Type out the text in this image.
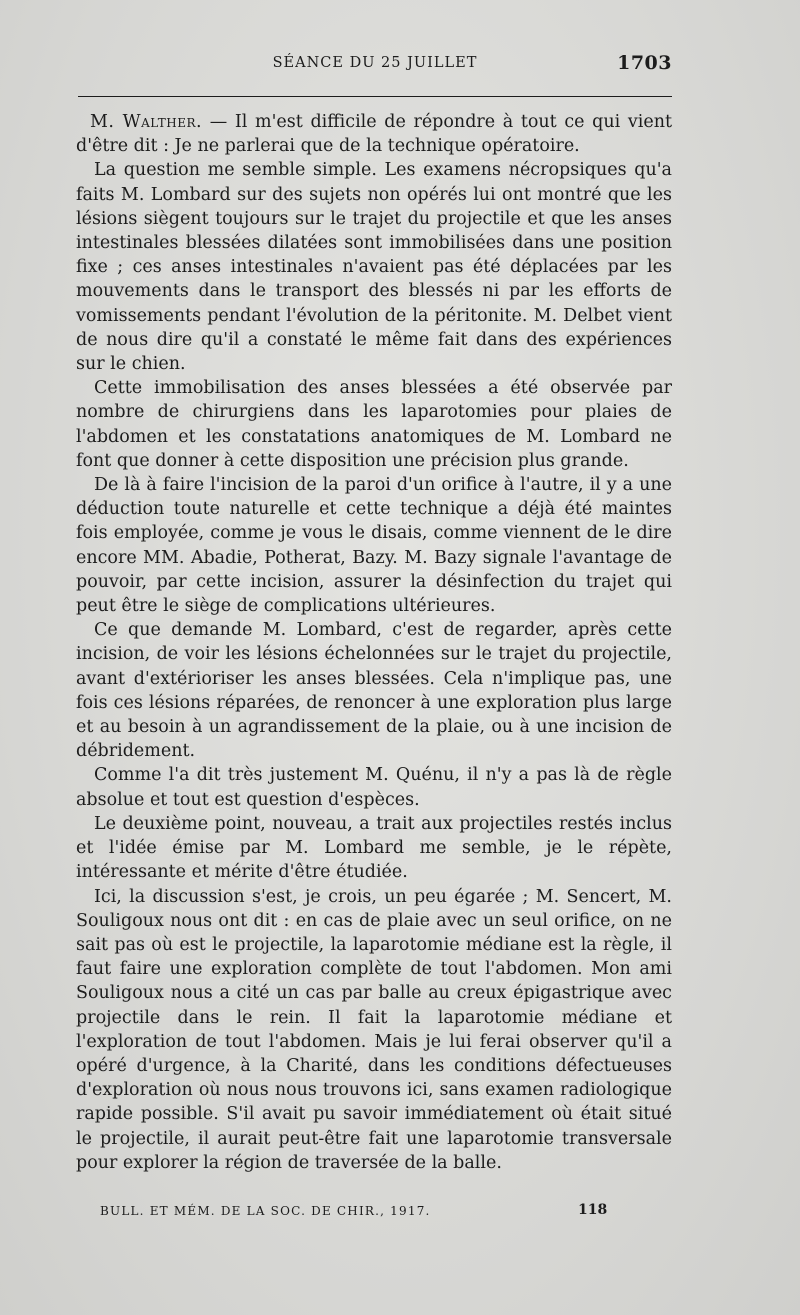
SÉANCE DU 25 JUILLET	1703

M. Walther. — Il m'est difficile de répondre à tout ce qui vient d'être dit : Je ne parlerai que de la technique opératoire.

La question me semble simple. Les examens nécropsiques qu'a faits M. Lombard sur des sujets non opérés lui ont montré que les lésions siègent toujours sur le trajet du projectile et que les anses intestinales blessées dilatées sont immobilisées dans une position fixe ; ces anses intestinales n'avaient pas été déplacées par les mouvements dans le transport des blessés ni par les efforts de vomissements pendant l'évolution de la péritonite. M. Delbet vient de nous dire qu'il a constaté le même fait dans des expériences sur le chien.

Cette immobilisation des anses blessées a été observée par nombre de chirurgiens dans les laparotomies pour plaies de l'abdomen et les constatations anatomiques de M. Lombard ne font que donner à cette disposition une précision plus grande.

De là à faire l'incision de la paroi d'un orifice à l'autre, il y a une déduction toute naturelle et cette technique a déjà été maintes fois employée, comme je vous le disais, comme viennent de le dire encore MM. Abadie, Potherat, Bazy. M. Bazy signale l'avantage de pouvoir, par cette incision, assurer la désinfection du trajet qui peut être le siège de complications ultérieures.

Ce que demande M. Lombard, c'est de regarder, après cette incision, de voir les lésions échelonnées sur le trajet du projectile, avant d'extérioriser les anses blessées. Cela n'implique pas, une fois ces lésions réparées, de renoncer à une exploration plus large et au besoin à un agrandissement de la plaie, ou à une incision de débridement.

Comme l'a dit très justement M. Quénu, il n'y a pas là de règle absolue et tout est question d'espèces.

Le deuxième point, nouveau, a trait aux projectiles restés inclus et l'idée émise par M. Lombard me semble, je le répète, intéressante et mérite d'être étudiée.

Ici, la discussion s'est, je crois, un peu égarée ; M. Sencert, M. Souligoux nous ont dit : en cas de plaie avec un seul orifice, on ne sait pas où est le projectile, la laparotomie médiane est la règle, il faut faire une exploration complète de tout l'abdomen. Mon ami Souligoux nous a cité un cas par balle au creux épigastrique avec projectile dans le rein. Il fait la laparotomie médiane et l'exploration de tout l'abdomen. Mais je lui ferai observer qu'il a opéré d'urgence, à la Charité, dans les conditions défectueuses d'exploration où nous nous trouvons ici, sans examen radiologique rapide possible. S'il avait pu savoir immédiatement où était situé le projectile, il aurait peut-être fait une laparotomie transversale pour explorer la région de traversée de la balle.

BULL. ET MÉM. DE LA SOC. DE CHIR., 1917.	118
